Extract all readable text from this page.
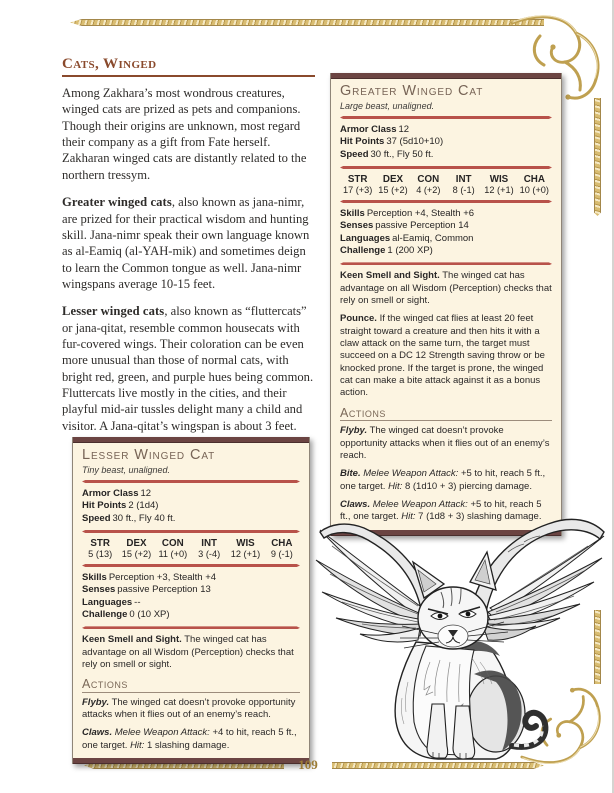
Cats, Winged

Among Zakhara’s most wondrous creatures, winged cats are prized as pets and companions. Though their origins are unknown, most regard their company as a gift from Fate herself. Zakharan winged cats are distantly related to the northern tressym.

Greater winged cats, also known as jana-nimr, are prized for their practical wisdom and hunting skill. Jana-nimr speak their own language known as al-Eamiq (al-YAH-mik) and sometimes deign to learn the Common tongue as well. Jana-nimr wingspans average 10-15 feet.

Lesser winged cats, also known as “fluttercats” or jana-qitat, resemble common housecats with fur-covered wings. Their coloration can be even more unusual than those of normal cats, with bright red, green, and purple hues being common. Fluttercats live mostly in the cities, and their playful mid-air tussles delight many a child and visitor. A Jana-qitat’s wingspan is about 3 feet.

Greater Winged Cat
Large beast, unaligned.
Armor Class 12
Hit Points 37 (5d10+10)
Speed 30 ft., Fly 50 ft.
STR
17 (+3)
DEX
15 (+2)
CON
4 (+2)
INT
8 (-1)
WIS
12 (+1)
CHA
10 (+0)
Skills Perception +4, Stealth +6
Senses passive Perception 14
Languages al-Eamiq, Common
Challenge 1 (200 XP)

Keen Smell and Sight. The winged cat has advantage on all Wisdom (Perception) checks that rely on smell or sight.

Pounce. If the winged cat flies at least 20 feet straight toward a creature and then hits it with a claw attack on the same turn, the target must succeed on a DC 12 Strength saving throw or be knocked prone. If the target is prone, the winged cat can make a bite attack against it as a bonus action.

Actions

Flyby. The winged cat doesn’t provoke opportunity attacks when it flies out of an enemy’s reach.

Bite. Melee Weapon Attack: +5 to hit, reach 5 ft., one target. Hit: 8 (1d10 + 3) piercing damage.

Claws. Melee Weapon Attack: +5 to hit, reach 5 ft., one target. Hit: 7 (1d8 + 3) slashing damage.

Lesser Winged Cat
Tiny beast, unaligned.
Armor Class 12
Hit Points 2 (1d4)
Speed 30 ft., Fly 40 ft.
STR
5 (13)
DEX
15 (+2)
CON
11 (+0)
INT
3 (-4)
WIS
12 (+1)
CHA
9 (-1)
Skills Perception +3, Stealth +4
Senses passive Perception 13
Languages --
Challenge 0 (10 XP)

Keen Smell and Sight. The winged cat has advantage on all Wisdom (Perception) checks that rely on smell or sight.

Actions

Flyby. The winged cat doesn’t provoke opportunity attacks when it flies out of an enemy’s reach.

Claws. Melee Weapon Attack: +4 to hit, reach 5 ft., one target. Hit: 1 slashing damage.

109
